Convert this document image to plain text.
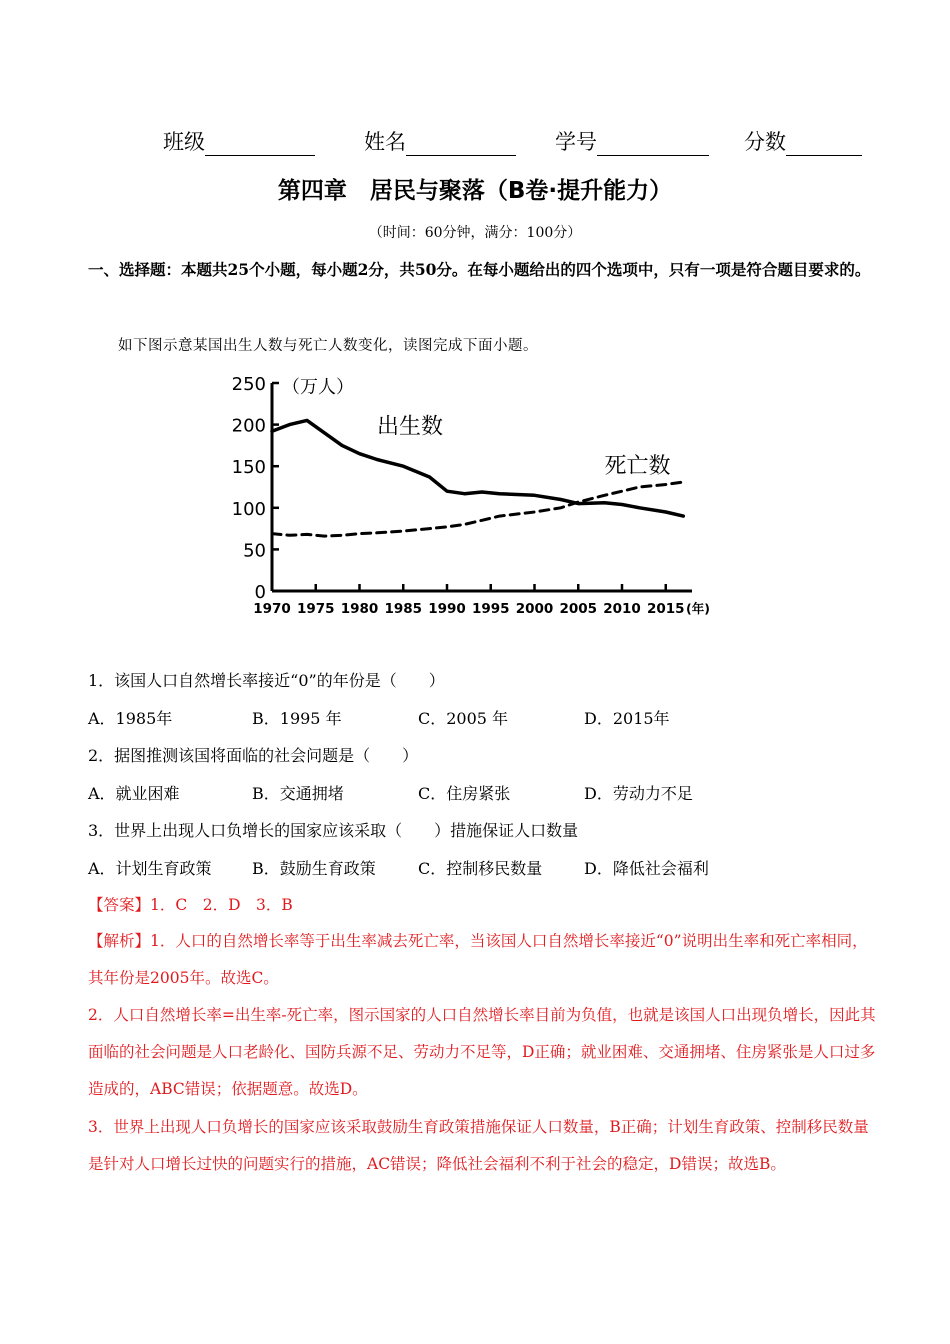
班级	姓名	学号	分数
第四章　居民与聚落（B卷·提升能力）
（时间：60分钟，满分：100分）
一、选择题：本题共25个小题，每小题2分，共50分。在每小题给出的四个选项中，只有一项是符合题目要求的。
如下图示意某国出生人数与死亡人数变化，读图完成下面小题。
0
50
100
150
200
250
1970 1975 1980 1985 1990 1995 2000 2005 2010 2015
（万人）
(年)
出生数
死亡数
1．该国人口自然增长率接近“0”的年份是（　　）
A．1985年	B．1995 年	C．2005 年	D．2015年
2．据图推测该国将面临的社会问题是（　　）
A．就业困难	B．交通拥堵	C．住房紧张	D．劳动力不足
3．世界上出现人口负增长的国家应该采取（　　）措施保证人口数量
A．计划生育政策	B．鼓励生育政策	C．控制移民数量	D．降低社会福利
【答案】1．C　2．D　3．B
【解析】1．人口的自然增长率等于出生率减去死亡率，当该国人口自然增长率接近“0”说明出生率和死亡率相同，其年份是2005年。故选C。
2．人口自然增长率=出生率-死亡率，图示国家的人口自然增长率目前为负值，也就是该国人口出现负增长，因此其面临的社会问题是人口老龄化、国防兵源不足、劳动力不足等，D正确；就业困难、交通拥堵、住房紧张是人口过多造成的，ABC错误；依据题意。故选D。
3．世界上出现人口负增长的国家应该采取鼓励生育政策措施保证人口数量，B正确；计划生育政策、控制移民数量是针对人口增长过快的问题实行的措施，AC错误；降低社会福利不利于社会的稳定，D错误；故选B。
